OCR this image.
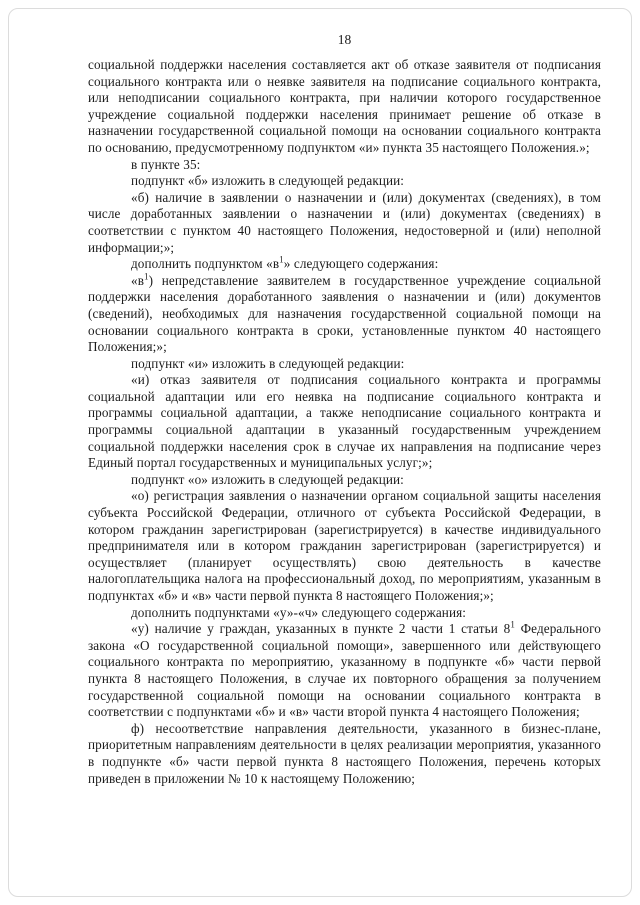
18

социальной поддержки населения составляется акт об отказе заявителя от подписания социального контракта или о неявке заявителя на подписание социального контракта, или неподписании социального контракта, при наличии которого государственное учреждение социальной поддержки населения принимает решение об отказе в назначении государственной социальной помощи на основании социального контракта по основанию, предусмотренному подпунктом «и» пункта 35 настоящего Положения.»;

в пункте 35:

подпункт «б» изложить в следующей редакции:

«б) наличие в заявлении о назначении и (или) документах (сведениях), в том числе доработанных заявлении о назначении и (или) документах (сведениях) в соответствии с пунктом 40 настоящего Положения, недостоверной и (или) неполной информации;»;

дополнить подпунктом «$в^1$» следующего содержания:

«$в^1$) непредставление заявителем в государственное учреждение социальной поддержки населения доработанного заявления о назначении и (или) документов (сведений), необходимых для назначения государственной социальной помощи на основании социального контракта в сроки, установленные пунктом 40 настоящего Положения;»;

подпункт «и» изложить в следующей редакции:

«и) отказ заявителя от подписания социального контракта и программы социальной адаптации или его неявка на подписание социального контракта и программы социальной адаптации, а также неподписание социального контракта и программы социальной адаптации в указанный государственным учреждением социальной поддержки населения срок в случае их направления на подписание через Единый портал государственных и муниципальных услуг;»;

подпункт «о» изложить в следующей редакции:

«о) регистрация заявления о назначении органом социальной защиты населения субъекта Российской Федерации, отличного от субъекта Российской Федерации, в котором гражданин зарегистрирован (зарегистрируется) в качестве индивидуального предпринимателя или в котором гражданин зарегистрирован (зарегистрируется) и осуществляет (планирует осуществлять) свою деятельность в качестве налогоплательщика налога на профессиональный доход, по мероприятиям, указанным в подпунктах «б» и «в» части первой пункта 8 настоящего Положения;»;

дополнить подпунктами «у»-«ч» следующего содержания:

«у) наличие у граждан, указанных в пункте 2 части 1 статьи $8^1$ Федерального закона «О государственной социальной помощи», завершенного или действующего социального контракта по мероприятию, указанному в подпункте «б» части первой пункта 8 настоящего Положения, в случае их повторного обращения за получением государственной социальной помощи на основании социального контракта в соответствии с подпунктами «б» и «в» части второй пункта 4 настоящего Положения;

ф) несоответствие направления деятельности, указанного в бизнес-плане, приоритетным направлениям деятельности в целях реализации мероприятия, указанного в подпункте «б» части первой пункта 8 настоящего Положения, перечень которых приведен в приложении № 10 к настоящему Положению;
